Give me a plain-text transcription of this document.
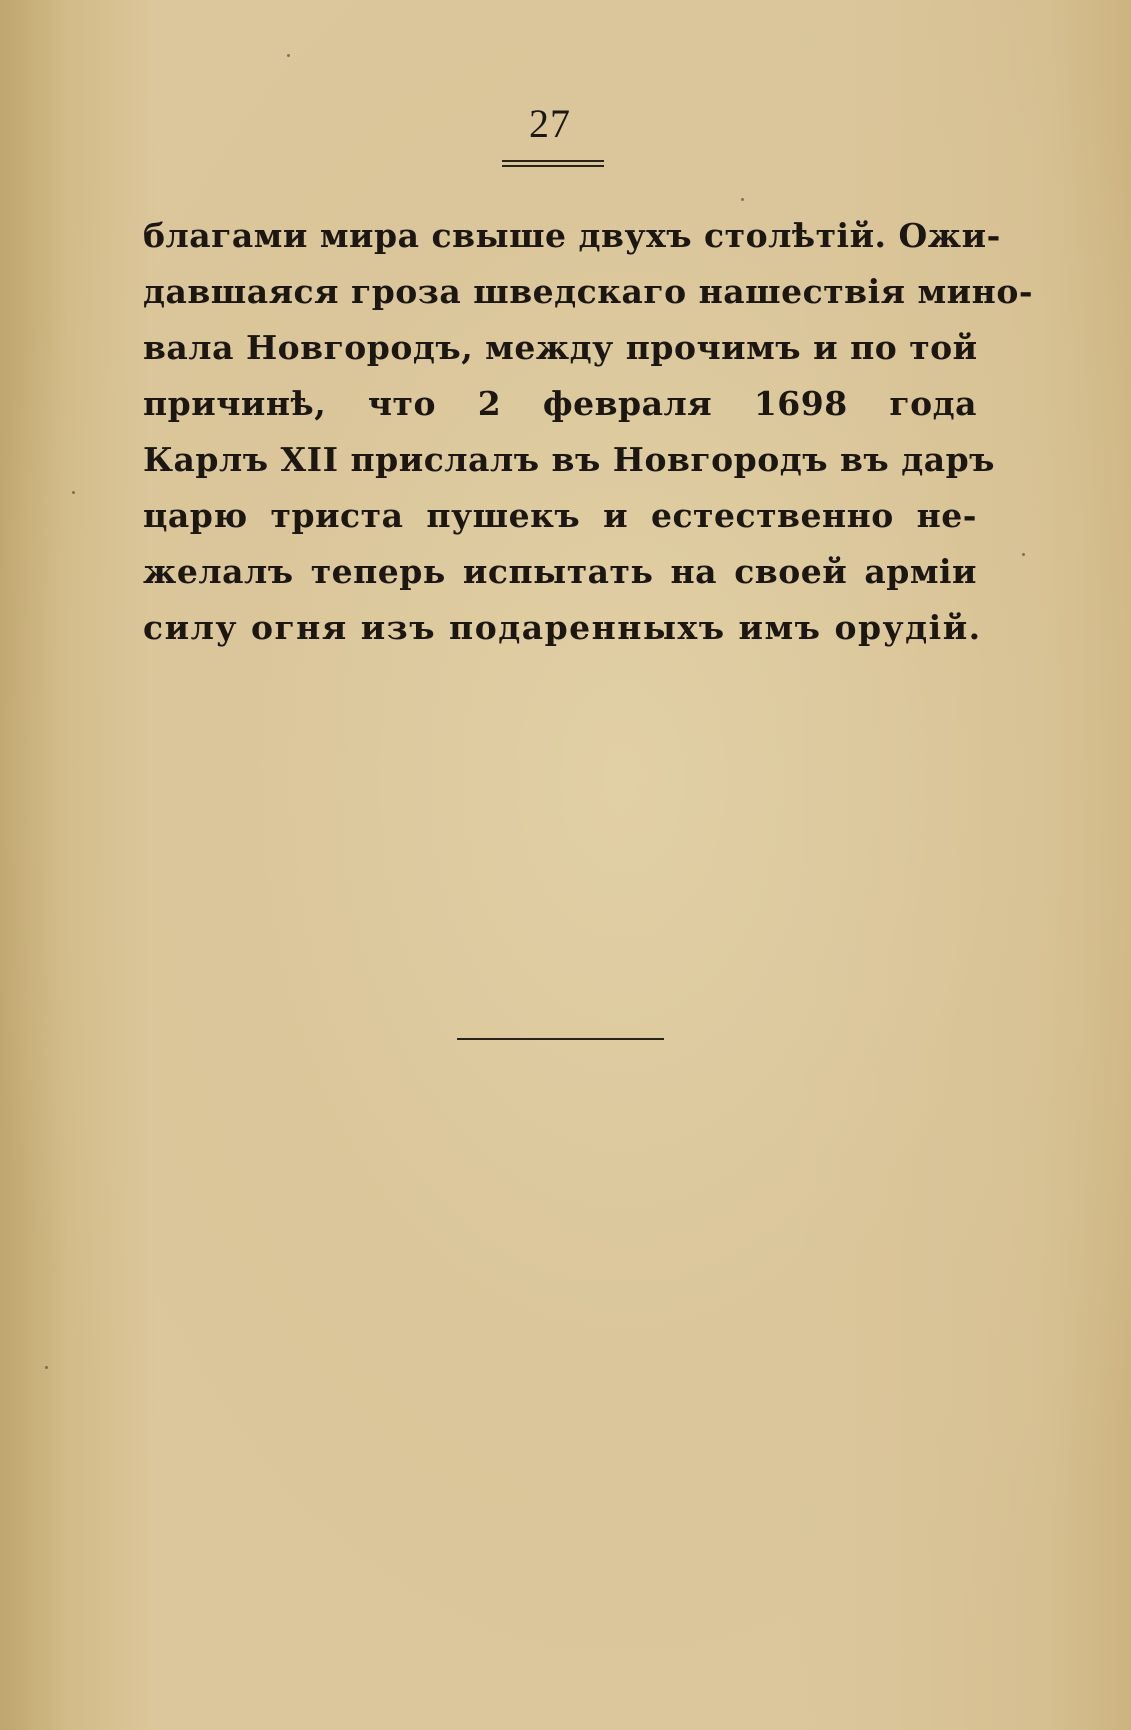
27
благами мира свыше двухъ столѣтій. Ожи-
давшаяся гроза шведскаго нашествія мино-
вала Новгородъ, между прочимъ и по той
причинѣ, что 2 февраля 1698 года
Карлъ XII прислалъ въ Новгородъ въ даръ
царю триста пушекъ и естественно не-
желалъ теперь испытать на своей арміи
силу огня изъ подаренныхъ имъ орудій.
